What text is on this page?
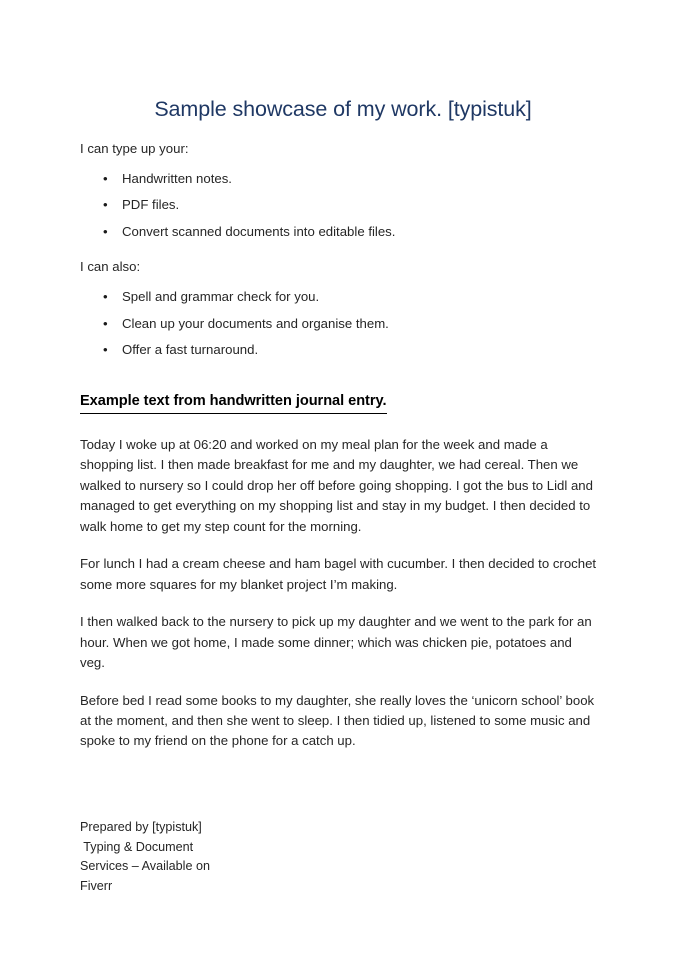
Sample showcase of my work. [typistuk]

I can type up your:

• Handwritten notes.
• PDF files.
• Convert scanned documents into editable files.

I can also:

• Spell and grammar check for you.
• Clean up your documents and organise them.
• Offer a fast turnaround.
Example text from handwritten journal entry.

Today I woke up at 06:20 and worked on my meal plan for the week and made a shopping list. I then made breakfast for me and my daughter, we had cereal. Then we walked to nursery so I could drop her off before going shopping. I got the bus to Lidl and managed to get everything on my shopping list and stay in my budget. I then decided to walk home to get my step count for the morning.

For lunch I had a cream cheese and ham bagel with cucumber. I then decided to crochet some more squares for my blanket project I’m making.

I then walked back to the nursery to pick up my daughter and we went to the park for an hour. When we got home, I made some dinner; which was chicken pie, potatoes and veg.

Before bed I read some books to my daughter, she really loves the ‘unicorn school’ book at the moment, and then she went to sleep. I then tidied up, listened to some music and spoke to my friend on the phone for a catch up.

Prepared by [typistuk]
Typing & Document
Services – Available on
Fiverr
